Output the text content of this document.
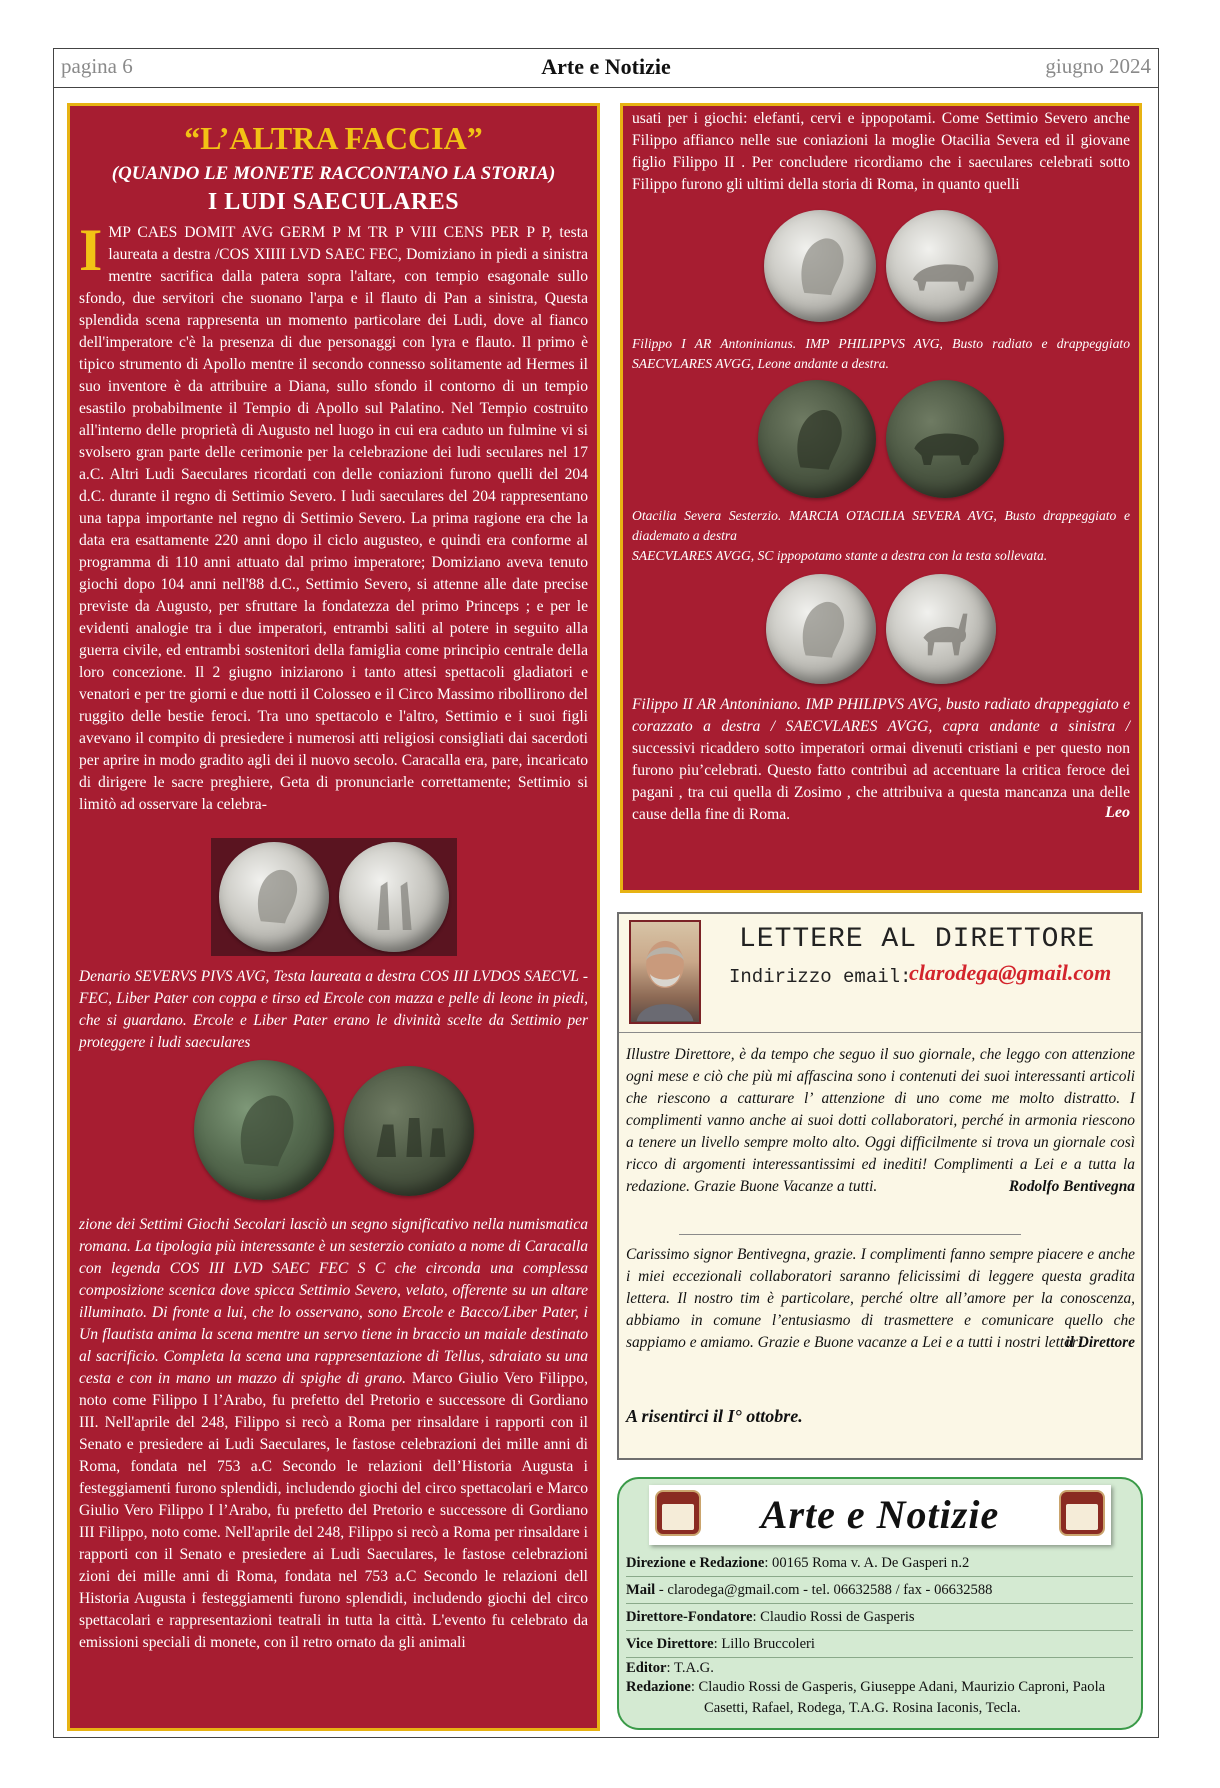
pagina 6	Arte e Notizie	giugno 2024
“L’ALTRA FACCIA”
(QUANDO LE MONETE RACCONTANO LA STORIA)
I LUDI SAECULARES
IMP CAES DOMIT AVG GERM P M TR P VIII CENS PER P P, testa laureata a destra /COS XIIII LVD SAEC FEC, Domiziano in piedi a sinistra mentre sacrifica dalla patera sopra l'altare, con tempio esagonale sullo sfondo, due servitori che suonano l'arpa e il flauto di Pan a sinistra, Questa splendida scena rappresenta un momento particolare dei Ludi, dove al fianco dell'imperatore c'è la presenza di due personaggi con lyra e flauto. Il primo è tipico strumento di Apollo mentre il secondo connesso solitamente ad Hermes il suo inventore è da attribuire a Diana, sullo sfondo il contorno di un tempio esastilo probabilmente il Tempio di Apollo sul Palatino. Nel Tempio costruito all'interno delle proprietà di Augusto nel luogo in cui era caduto un fulmine vi si svolsero gran parte delle cerimonie per la celebrazione dei ludi seculares nel 17 a.C. Altri Ludi Saeculares ricordati con delle coniazioni furono quelli del 204 d.C. durante il regno di Settimio Severo. I ludi saeculares del 204 rappresentano una tappa importante nel regno di Settimio Severo. La prima ragione era che la data era esattamente 220 anni dopo il ciclo augusteo, e quindi era conforme al programma di 110 anni attuato dal primo imperatore; Domiziano aveva tenuto giochi dopo 104 anni nell'88 d.C., Settimio Severo, si attenne alle date precise previste da Augusto, per sfruttare la fondatezza del primo Princeps ; e per le evidenti analogie tra i due imperatori, entrambi saliti al potere in seguito alla guerra civile, ed entrambi sostenitori della famiglia come principio centrale della loro concezione. Il 2 giugno iniziarono i tanto attesi spettacoli gladiatori e venatori e per tre giorni e due notti il Colosseo e il Circo Massimo ribollirono del ruggito delle bestie feroci. Tra uno spettacolo e l'altro, Settimio e i suoi figli avevano il compito di presiedere i numerosi atti religiosi consigliati dai sacerdoti per aprire in modo gradito agli dei il nuovo secolo. Caracalla era, pare, incaricato di dirigere le sacre preghiere, Geta di pronunciarle correttamente; Settimio si limitò ad osservare la celebra-
Denario SEVERVS PIVS AVG, Testa laureata a destra COS III LVDOS SAECVL - FEC, Liber Pater con coppa e tirso ed Ercole con mazza e pelle di leone in piedi, che si guardano. Ercole e Liber Pater erano le divinità scelte da Settimio per proteggere i ludi saeculares
zione dei Settimi Giochi Secolari lasciò un segno significativo nella numismatica romana. La tipologia più interessante è un sesterzio coniato a nome di Caracalla con legenda COS III LVD SAEC FEC S C che circonda una complessa composizione scenica dove spicca Settimio Severo, velato, offerente su un altare illuminato. Di fronte a lui, che lo osservano, sono Ercole e Bacco/Liber Pater, i Un flautista anima la scena mentre un servo tiene in braccio un maiale destinato al sacrificio. Completa la scena una rappresentazione di Tellus, sdraiato su una cesta e con in mano un mazzo di spighe di grano. Marco Giulio Vero Filippo, noto come Filippo I l’Arabo, fu prefetto del Pretorio e successore di Gordiano III. Nell'aprile del 248, Filippo si recò a Roma per rinsaldare i rapporti con il Senato e presiedere ai Ludi Saeculares, le fastose celebrazioni dei mille anni di Roma, fondata nel 753 a.C Secondo le relazioni dell’Historia Augusta i festeggiamenti furono splendidi, includendo giochi del circo spettacolari e Marco Giulio Vero Filippo I l’Arabo, fu prefetto del Pretorio e successore di Gordiano III Filippo, noto come. Nell'aprile del 248, Filippo si recò a Roma per rinsaldare i rapporti con il Senato e presiedere ai Ludi Saeculares, le fastose celebrazioni zioni dei mille anni di Roma, fondata nel 753 a.C Secondo le relazioni dell Historia Augusta i festeggiamenti furono splendidi, includendo giochi del circo spettacolari e rappresentazioni teatrali in tutta la città. L'evento fu celebrato da emissioni speciali di monete, con il retro ornato da gli animali
usati per i giochi: elefanti, cervi e ippopotami. Come Settimio Severo anche Filippo affianco nelle sue coniazioni la moglie Otacilia Severa ed il giovane figlio Filippo II . Per concludere ricordiamo che i saeculares celebrati sotto Filippo furono gli ultimi della storia di Roma, in quanto quelli
Filippo I AR Antoninianus. IMP PHILIPPVS AVG, Busto radiato e drappeggiato SAECVLARES AVGG, Leone andante a destra.
Otacilia Severa Sesterzio. MARCIA OTACILIA SEVERA AVG, Busto drappeggiato e diademato a destra
SAECVLARES AVGG, SC ippopotamo stante a destra con la testa sollevata.
Filippo II AR Antoniniano. IMP PHILIPVS AVG, busto radiato drappeggiato e corazzato a destra / SAECVLARES AVGG, capra andante a sinistra / successivi ricaddero sotto imperatori ormai divenuti cristiani e per questo non furono piu’celebrati. Questo fatto contribuì ad accentuare la critica feroce dei pagani , tra cui quella di Zosimo , che attribuiva a questa mancanza una delle cause della fine di Roma.	Leo
LETTERE AL DIRETTORE
Indirizzo email:
clarodega@gmail.com
Illustre Direttore, è da tempo che seguo il suo giornale, che leggo con attenzione ogni mese e ciò che più mi affascina sono i contenuti dei suoi interessanti articoli che riescono a catturare l’ attenzione di uno come me molto distratto. I complimenti vanno anche ai suoi dotti collaboratori, perché in armonia riescono a tenere un livello sempre molto alto. Oggi difficilmente si trova un giornale così ricco di argomenti interessantissimi ed inediti! Complimenti a Lei e a tutta la redazione. Grazie Buone Vacanze a tutti.	Rodolfo Bentivegna
Carissimo signor Bentivegna, grazie. I complimenti fanno sempre piacere e anche i miei eccezionali collaboratori saranno felicissimi di leggere questa gradita lettera. Il nostro tim è particolare, perché oltre all’amore per la conoscenza, abbiamo in comune l’entusiasmo di trasmettere e comunicare quello che sappiamo e amiamo. Grazie e Buone vacanze a Lei e a tutti i nostri lettori.
il Direttore
A risentirci il I° ottobre.
Arte e Notizie
Direzione e Redazione: 00165 Roma v. A. De Gasperi n.2
Mail - clarodega@gmail.com - tel. 06632588 / fax - 06632588
Direttore-Fondatore: Claudio Rossi de Gasperis
Vice Direttore: Lillo Bruccoleri
Editor: T.A.G.
Redazione: Claudio Rossi de Gasperis, Giuseppe Adani, Maurizio Caproni, Paola
Casetti, Rafael, Rodega, T.A.G. Rosina Iaconis, Tecla.
